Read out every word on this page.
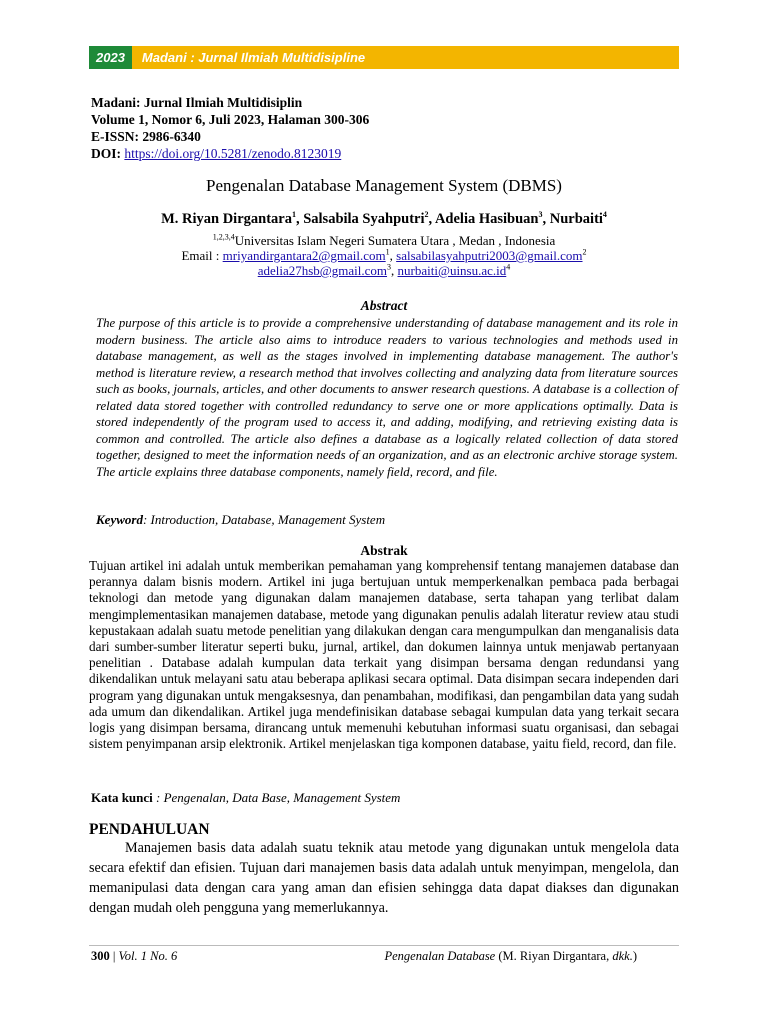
2023	Madani : Jurnal Ilmiah Multidisipline
Madani: Jurnal Ilmiah Multidisiplin
Volume 1, Nomor 6, Juli 2023, Halaman 300-306
E-ISSN: 2986-6340
DOI: https://doi.org/10.5281/zenodo.8123019
Pengenalan Database Management System (DBMS)
M. Riyan Dirgantara$^1$, Salsabila Syahputri$^2$, Adelia Hasibuan$^3$, Nurbaiti$^4$
$^{1,2,3,4}$Universitas Islam Negeri Sumatera Utara , Medan , Indonesia
Email : mriyandirgantara2@gmail.com$^1$, salsabilasyahputri2003@gmail.com$^2$
adelia27hsb@gmail.com$^3$, $nurbaiti@uinsu.ac.id^4$
Abstract
The purpose of this article is to provide a comprehensive understanding of database management and its role in modern business. The article also aims to introduce readers to various technologies and methods used in database management, as well as the stages involved in implementing database management. The author's method is literature review, a research method that involves collecting and analyzing data from literature sources such as books, journals, articles, and other documents to answer research questions. A database is a collection of related data stored together with controlled redundancy to serve one or more applications optimally. Data is stored independently of the program used to access it, and adding, modifying, and retrieving existing data is common and controlled. The article also defines a database as a logically related collection of data stored together, designed to meet the information needs of an organization, and as an electronic archive storage system. The article explains three database components, namely field, record, and file.
Keyword: Introduction, Database, Management System
Abstrak
Tujuan artikel ini adalah untuk memberikan pemahaman yang komprehensif tentang manajemen database dan perannya dalam bisnis modern. Artikel ini juga bertujuan untuk memperkenalkan pembaca pada berbagai teknologi dan metode yang digunakan dalam manajemen database, serta tahapan yang terlibat dalam mengimplementasikan manajemen database, metode yang digunakan penulis adalah literatur review atau studi kepustakaan adalah suatu metode penelitian yang dilakukan dengan cara mengumpulkan dan menganalisis data dari sumber-sumber literatur seperti buku, jurnal, artikel, dan dokumen lainnya untuk menjawab pertanyaan penelitian . Database adalah kumpulan data terkait yang disimpan bersama dengan redundansi yang dikendalikan untuk melayani satu atau beberapa aplikasi secara optimal. Data disimpan secara independen dari program yang digunakan untuk mengaksesnya, dan penambahan, modifikasi, dan pengambilan data yang sudah ada umum dan dikendalikan. Artikel juga mendefinisikan database sebagai kumpulan data yang terkait secara logis yang disimpan bersama, dirancang untuk memenuhi kebutuhan informasi suatu organisasi, dan sebagai sistem penyimpanan arsip elektronik. Artikel menjelaskan tiga komponen database, yaitu field, record, dan file.
Kata kunci : Pengenalan, Data Base, Management System
PENDAHULUAN
Manajemen basis data adalah suatu teknik atau metode yang digunakan untuk mengelola data secara efektif dan efisien. Tujuan dari manajemen basis data adalah untuk menyimpan, mengelola, dan memanipulasi data dengan cara yang aman dan efisien sehingga data dapat diakses dan digunakan dengan mudah oleh pengguna yang memerlukannya.
300 | Vol. 1 No. 6	Pengenalan Database (M. Riyan Dirgantara, dkk.)
